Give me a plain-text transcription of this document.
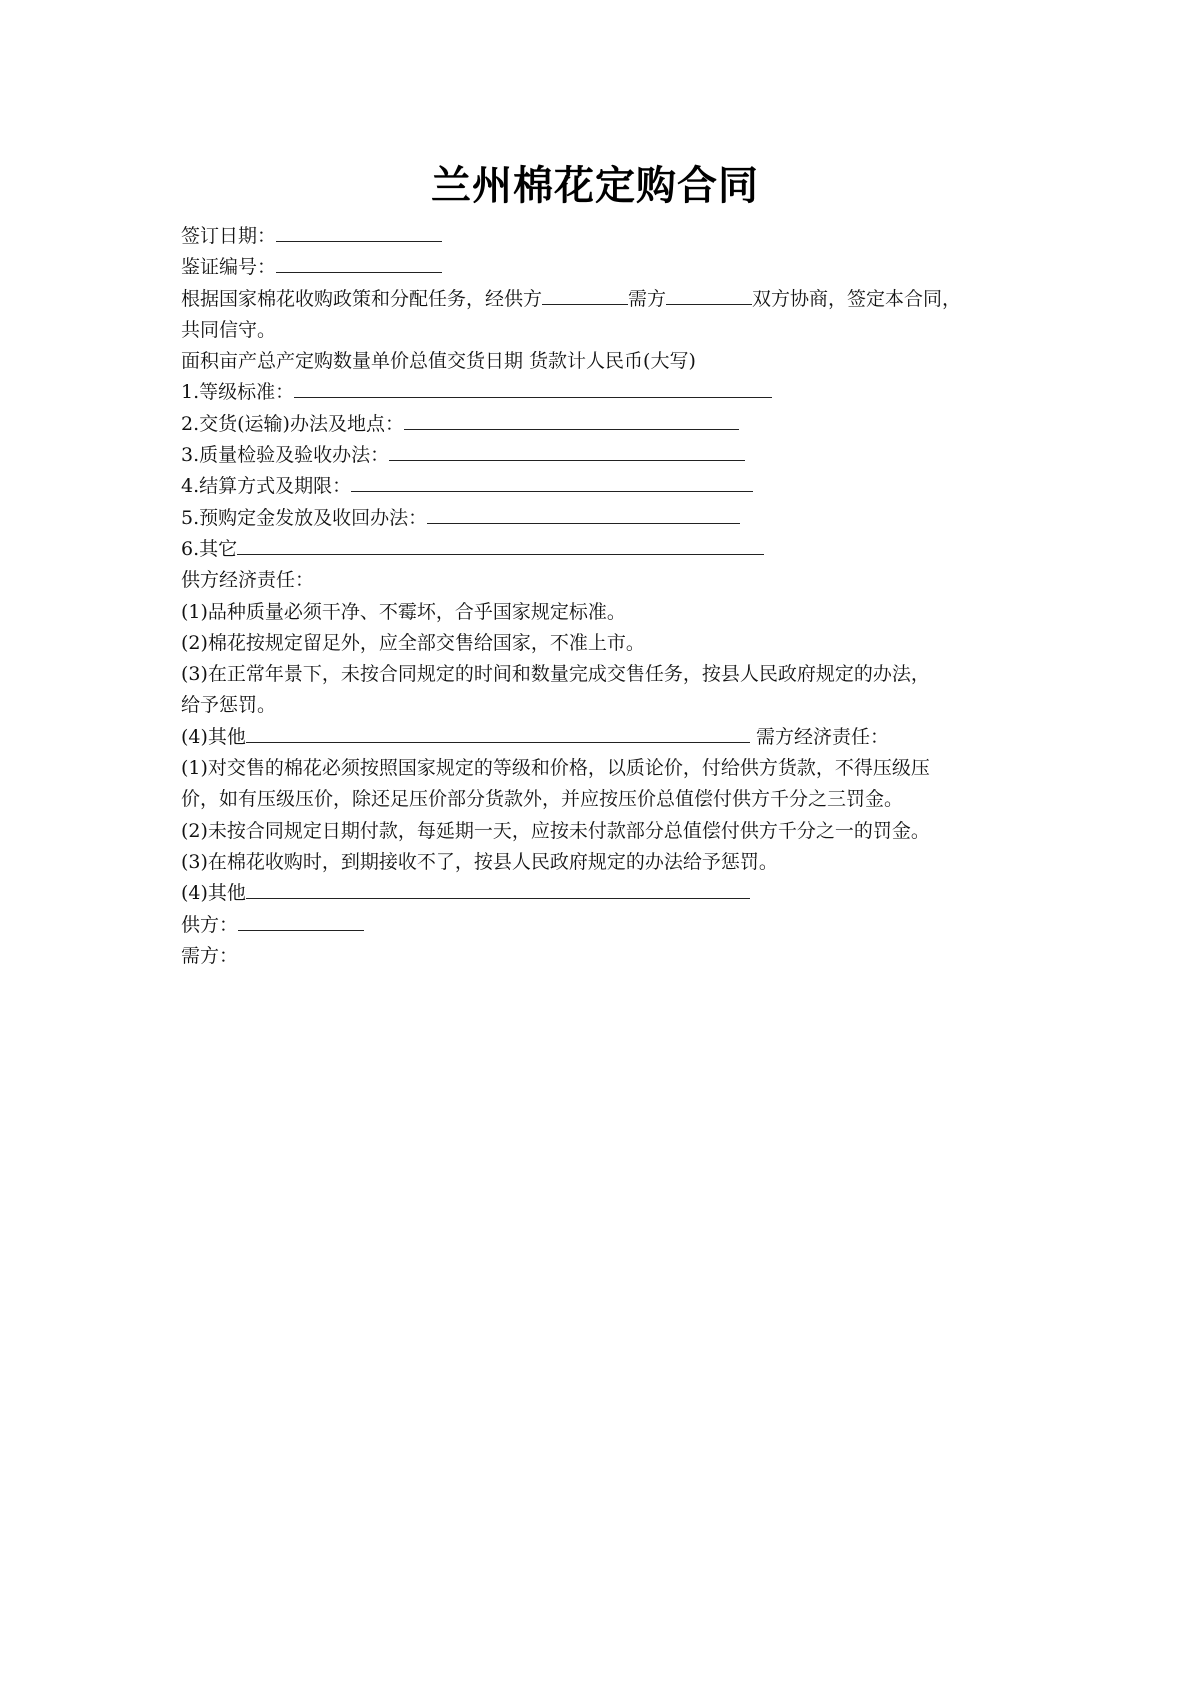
兰州棉花定购合同
签订日期：
鉴证编号：
根据国家棉花收购政策和分配任务，经供方	需方	双方协商，签定本合同，
共同信守。
面积亩产总产定购数量单价总值交货日期 货款计人民币(大写)
1.等级标准：
2.交货(运输)办法及地点：
3.质量检验及验收办法：
4.结算方式及期限：
5.预购定金发放及收回办法：
6.其它
供方经济责任：
(1)品种质量必须干净、不霉坏，合乎国家规定标准。
(2)棉花按规定留足外，应全部交售给国家，不准上市。
(3)在正常年景下，未按合同规定的时间和数量完成交售任务，按县人民政府规定的办法，
给予惩罚。
(4)其他	需方经济责任：
(1)对交售的棉花必须按照国家规定的等级和价格，以质论价，付给供方货款，不得压级压
价，如有压级压价，除还足压价部分货款外，并应按压价总值偿付供方千分之三罚金。
(2)未按合同规定日期付款，每延期一天，应按未付款部分总值偿付供方千分之一的罚金。
(3)在棉花收购时，到期接收不了，按县人民政府规定的办法给予惩罚。
(4)其他
供方：
需方：
